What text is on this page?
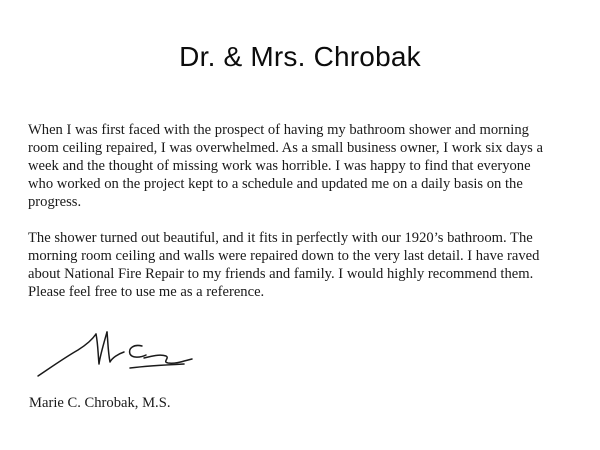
Dr. & Mrs. Chrobak

When I was first faced with the prospect of having my bathroom shower and morning
room ceiling repaired, I was overwhelmed. As a small business owner, I work six days a
week and the thought of missing work was horrible. I was happy to find that everyone
who worked on the project kept to a schedule and updated me on a daily basis on the
progress.

The shower turned out beautiful, and it fits in perfectly with our 1920’s bathroom. The
morning room ceiling and walls were repaired down to the very last detail. I have raved
about National Fire Repair to my friends and family. I would highly recommend them.
Please feel free to use me as a reference.

Marie C. Chrobak, M.S.
